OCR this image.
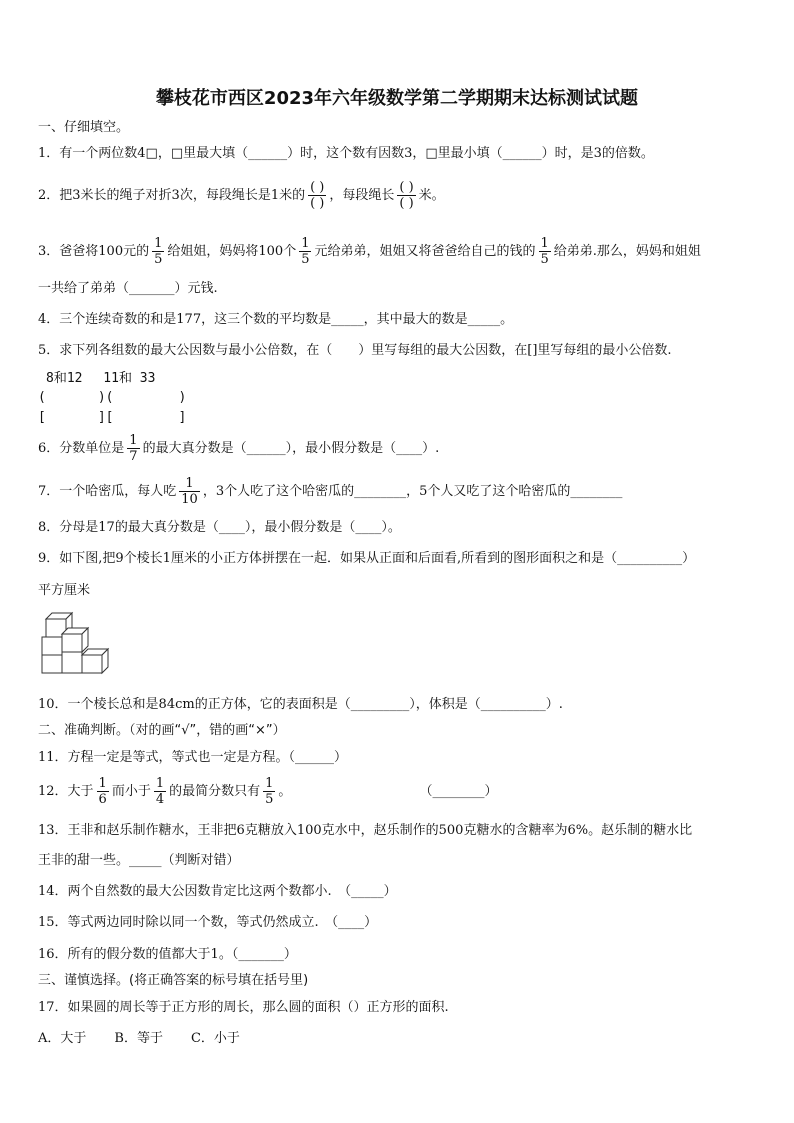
攀枝花市西区2023年六年级数学第二学期期末达标测试试题
一、仔细填空。
1．有一个两位数4□，□里最大填（______）时，这个数有因数3，□里最小填（______）时，是3的倍数。
2．把3米长的绳子对折3次，每段绳长是1米的 $\frac{( )}{( )}$ ，每段绳长 $\frac{( )}{( )}$ 米。
3．爸爸将100元的 $\frac{1}{5}$ 给姐姐，妈妈将100个 $\frac{1}{5}$ 元给弟弟，姐姐又将爸爸给自己的钱的 $\frac{1}{5}$ 给弟弟.那么，妈妈和姐姐
一共给了弟弟（_______）元钱.
4．三个连续奇数的和是177，这三个数的平均数是_____，其中最大的数是_____。
5．求下列各组数的最大公因数与最小公倍数，在（　　）里写每组的最大公因数，在[]里写每组的最小公倍数.
8和12　 11和 33
(　　　　)(　　　　　)
[　　　　][　　　　　]
6．分数单位是 $\frac{1}{7}$ 的最大真分数是（______），最小假分数是（____）.
7．一个哈密瓜，每人吃 $\frac{1}{10}$ ，3个人吃了这个哈密瓜的________，5个人又吃了这个哈密瓜的________
8．分母是17的最大真分数是（____），最小假分数是（____）。
9．如下图,把9个棱长1厘米的小正方体拼摆在一起．如果从正面和后面看,所看到的图形面积之和是（__________）
平方厘米
10．一个棱长总和是84cm的正方体，它的表面积是（_________），体积是（__________）.
二、准确判断。（对的画“√”，错的画“×”）
11．方程一定是等式，等式也一定是方程。（______）
12．大于 $\frac{1}{6}$ 而小于 $\frac{1}{4}$ 的最简分数只有 $\frac{1}{5}$ 。	（________）
13．王非和赵乐制作糖水，王非把6克糖放入100克水中，赵乐制作的500克糖水的含糖率为6%。赵乐制的糖水比
王非的甜一些。_____（判断对错）
14．两个自然数的最大公因数肯定比这两个数都小.　（_____）
15．等式两边同时除以同一个数，等式仍然成立.　（____）
16．所有的假分数的值都大于1。（_______）
三、谨慎选择。(将正确答案的标号填在括号里)
17．如果圆的周长等于正方形的周长，那么圆的面积（）正方形的面积.
A．大于 B．等于 C．小于
